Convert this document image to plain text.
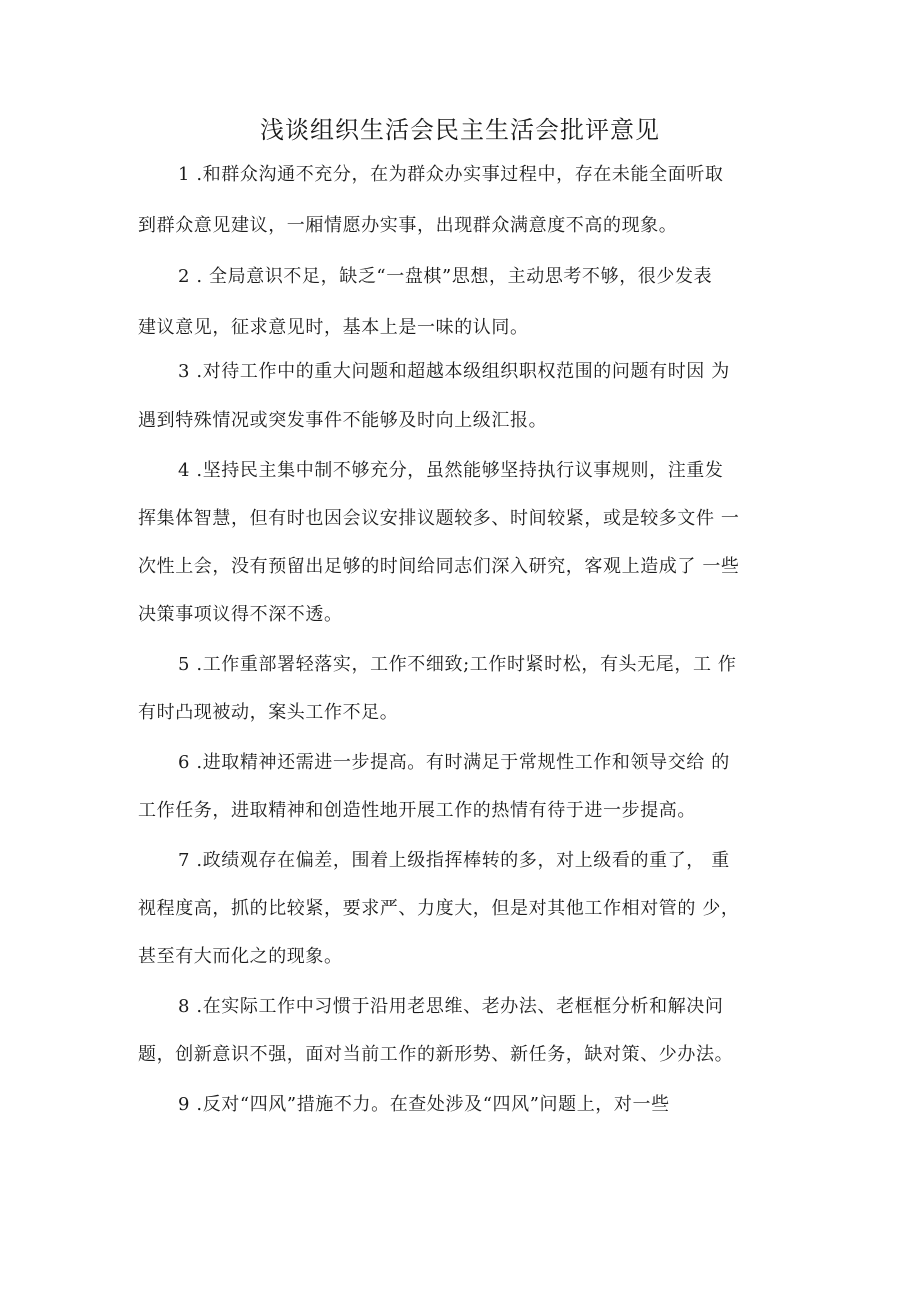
浅谈组织生活会民主生活会批评意见
1 .和群众沟通不充分，在为群众办实事过程中，存在未能全面听取
到群众意见建议，一厢情愿办实事，出现群众满意度不高的现象。
2 . 全局意识不足，缺乏“一盘棋”思想，主动思考不够，很少发表
建议意见，征求意见时，基本上是一味的认同。
3 .对待工作中的重大问题和超越本级组织职权范围的问题有时因 为
遇到特殊情况或突发事件不能够及时向上级汇报。
4 .坚持民主集中制不够充分，虽然能够坚持执行议事规则，注重发
挥集体智慧，但有时也因会议安排议题较多、时间较紧，或是较多文件 一
次性上会，没有预留出足够的时间给同志们深入研究，客观上造成了 一些
决策事项议得不深不透。
5 .工作重部署轻落实，工作不细致;工作时紧时松，有头无尾，工 作
有时凸现被动，案头工作不足。
6 .进取精神还需进一步提高。有时满足于常规性工作和领导交给 的
工作任务，进取精神和创造性地开展工作的热情有待于进一步提高。
7 .政绩观存在偏差，围着上级指挥棒转的多，对上级看的重了， 重
视程度高，抓的比较紧，要求严、力度大，但是对其他工作相对管的 少，
甚至有大而化之的现象。
8 .在实际工作中习惯于沿用老思维、老办法、老框框分析和解决问
题，创新意识不强，面对当前工作的新形势、新任务，缺对策、少办法。
9 .反对“四风”措施不力。在查处涉及“四风”问题上，对一些
